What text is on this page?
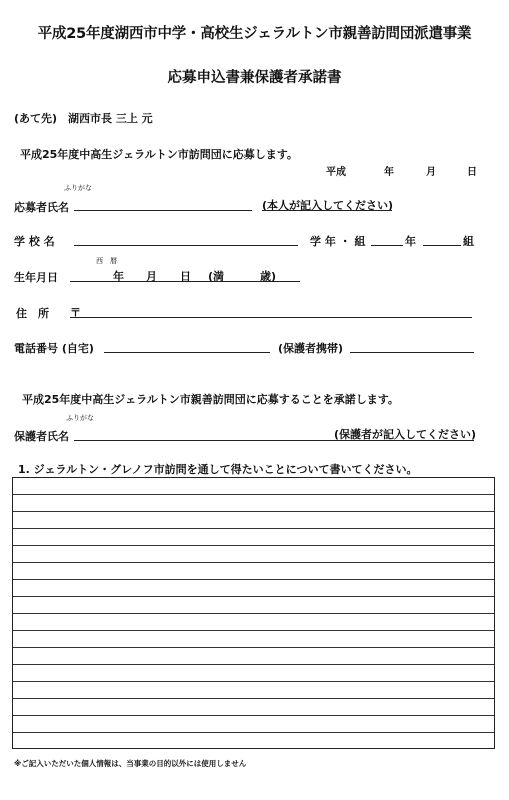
平成25年度湖西市中学・高校生ジェラルトン市親善訪問団派遣事業
応募申込書兼保護者承諾書
(あて先) 湖西市長 三上 元
平成25年度中高生ジェラルトン市訪問団に応募します。
平成	年	月	日
ふりがな
応募者氏名	(本人が記入してください)
学 校 名	学 年 ・ 組	年	組
西　暦
生年月日	年 月 日 (満	歳)
住　所 〒
電話番号 (自宅)	(保護者携帯)
平成25年度中高生ジェラルトン市親善訪問団に応募することを承諾します。
ふりがな
保護者氏名	(保護者が記入してください)
1. ジェラルトン・グレノフ市訪問を通して得たいことについて書いてください。
※ご記入いただいた個人情報は、当事業の目的以外には使用しません
